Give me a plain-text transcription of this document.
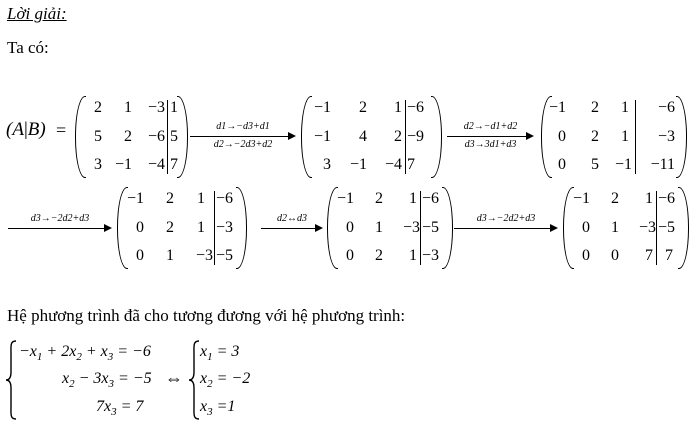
Lời giải:
Ta có:
(A|B) =
2 1 −3 1
5 2 −6 5
3 −1 −4 7
d1→−d3+d1
d2→−2d3+d2
−1 2 1 −6
−1 4 2 −9
3 −1 −4 7
d2→−d1+d2
d3→3d1+d3
−1 2 1 −6
0 2 1 −3
0 5 −1 −11
d3→−2d2+d3
−1 2 1 −6
0 2 1 −3
0 1 −3 −5
d2↔d3
−1 2 1 −6
0 1 −3 −5
0 2 1 −3
d3→−2d2+d3
−1 2 1 −6
0 1 −3 −5
0 0 7 7
Hệ phương trình đã cho tương đương với hệ phương trình:
$-x_1 + 2x_2 + x_3 = -6$
$x_2 - 3x_3 = -5$
$7x_3 = 7$
⇔
$x_1 = 3$
$x_2 = -2$
$x_3 =1$
